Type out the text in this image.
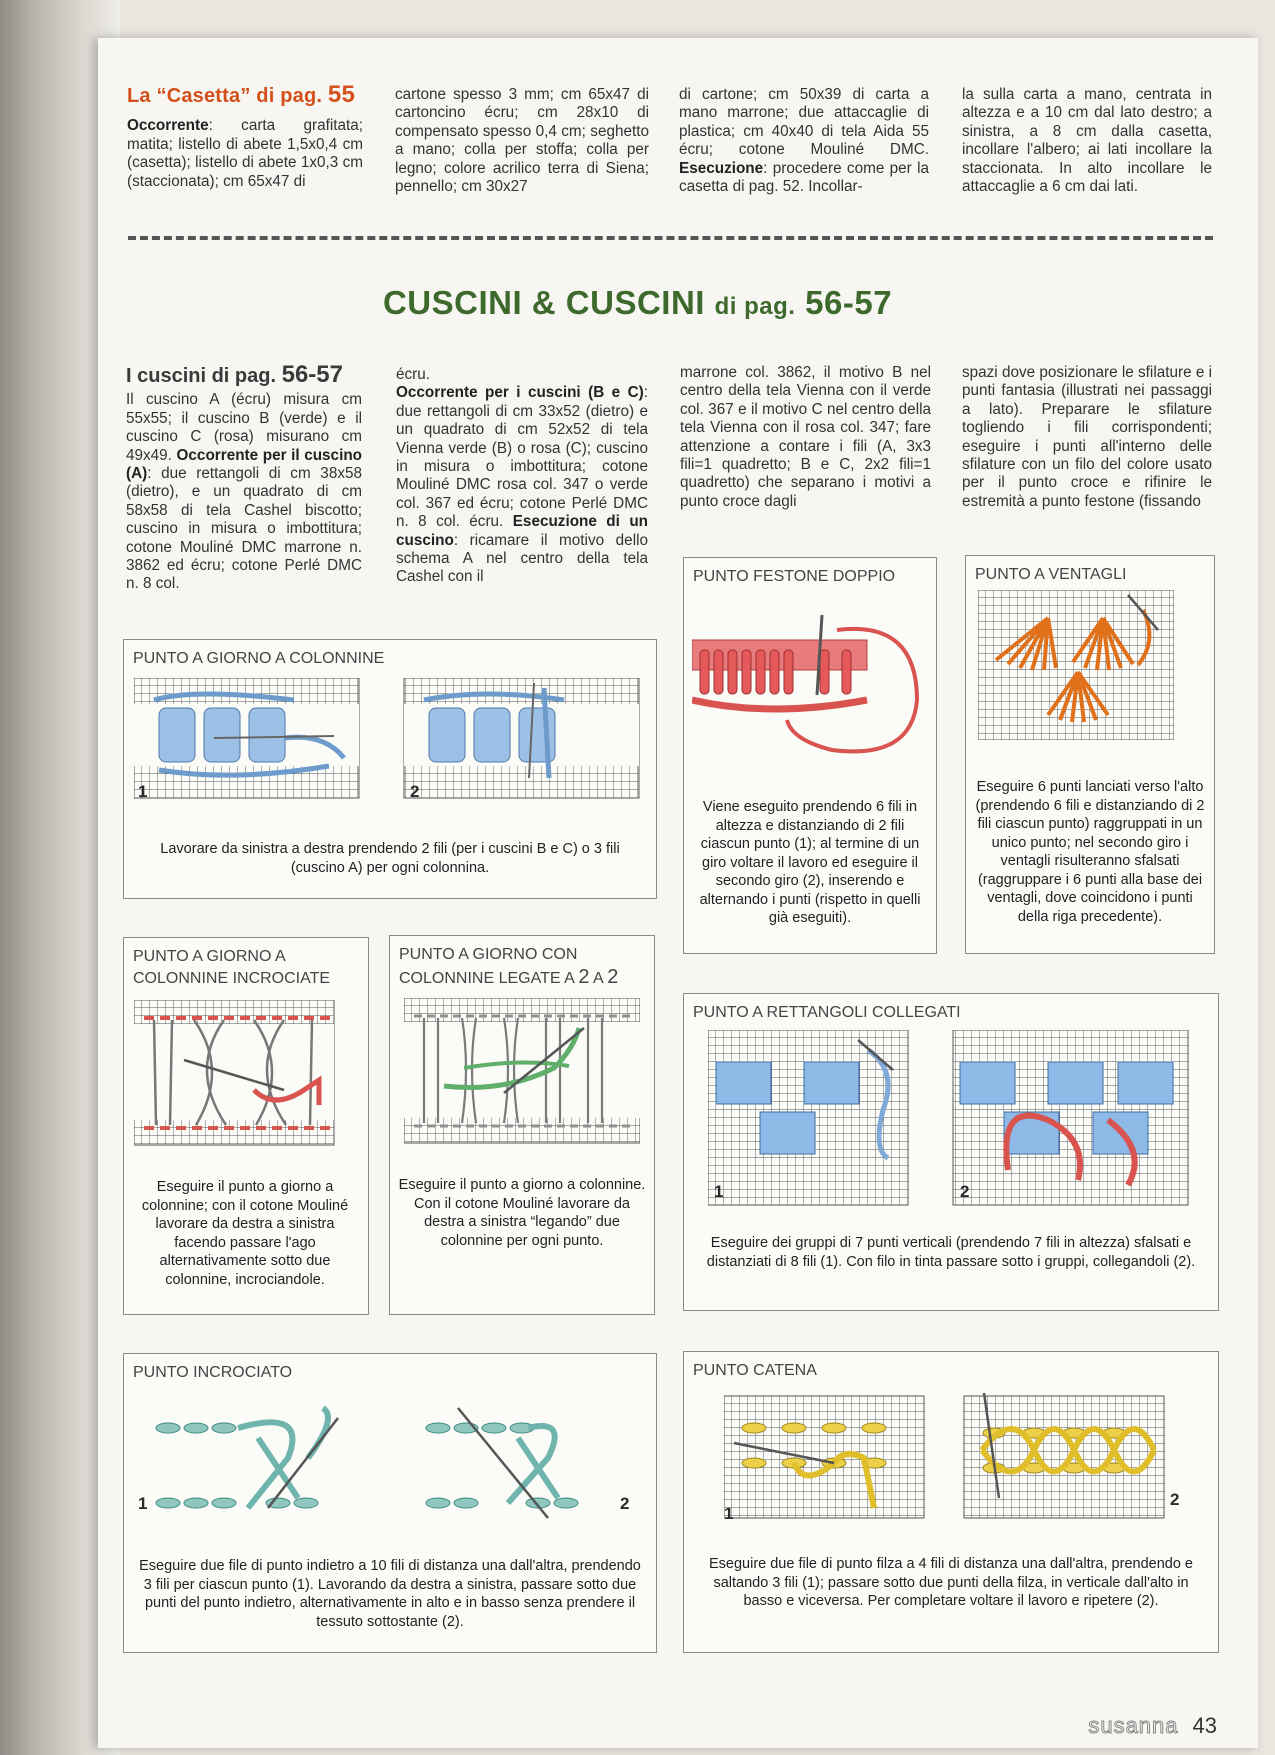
La “Casetta” di pag. 55
Occorrente: carta grafitata; matita; listello di abete 1,5x0,4 cm (casetta); listello di abete 1x0,3 cm (staccionata); cm 65x47 di
cartone spesso 3 mm; cm 65x47 di cartoncino écru; cm 28x10 di compensato spesso 0,4 cm; seghetto a mano; colla per stoffa; colla per legno; colore acrilico terra di Siena; pennello; cm 30x27
di cartone; cm 50x39 di carta a mano marrone; due attaccaglie di plastica; cm 40x40 di tela Aida 55 écru; cotone Mouliné DMC. Esecuzione: procedere come per la casetta di pag. 52. Incollar-
la sulla carta a mano, centrata in altezza e a 10 cm dal lato destro; a sinistra, a 8 cm dalla casetta, incollare l'albero; ai lati incollare la staccionata. In alto incollare le attaccaglie a 6 cm dai lati.
CUSCINI & CUSCINI di pag. 56-57
I cuscini di pag. 56-57
Il cuscino A (écru) misura cm 55x55; il cuscino B (verde) e il cuscino C (rosa) misurano cm 49x49. Occorrente per il cuscino (A): due rettangoli di cm 38x58 (dietro), e un quadrato di cm 58x58 di tela Cashel biscotto; cuscino in misura o imbottitura; cotone Mouliné DMC marrone n. 3862 ed écru; cotone Perlé DMC n. 8 col.
écru.
Occorrente per i cuscini (B e C): due rettangoli di cm 33x52 (dietro) e un quadrato di cm 52x52 di tela Vienna verde (B) o rosa (C); cuscino in misura o imbottitura; cotone Mouliné DMC rosa col. 347 o verde col. 367 ed écru; cotone Perlé DMC n. 8 col. écru. Esecuzione di un cuscino: ricamare il motivo dello schema A nel centro della tela Cashel con il
marrone col. 3862, il motivo B nel centro della tela Vienna con il verde col. 367 e il motivo C nel centro della tela Vienna con il rosa col. 347; fare attenzione a contare i fili (A, 3x3 fili=1 quadretto; B e C, 2x2 fili=1 quadretto) che separano i motivi a punto croce dagli
spazi dove posizionare le sfilature e i punti fantasia (illustrati nei passaggi a lato). Preparare le sfilature togliendo i fili corrispondenti; eseguire i punti all'interno delle sfilature con un filo del colore usato per il punto croce e rifinire le estremità a punto festone (fissando
PUNTO A GIORNO A COLONNINE
1	2
Lavorare da sinistra a destra prendendo 2 fili (per i cuscini B e C) o 3 fili (cuscino A) per ogni colonnina.
PUNTO FESTONE DOPPIO
Viene eseguito prendendo 6 fili in altezza e distanziando di 2 fili ciascun punto (1); al termine di un giro voltare il lavoro ed eseguire il secondo giro (2), inserendo e alternando i punti (rispetto in quelli già eseguiti).
PUNTO A VENTAGLI
Eseguire 6 punti lanciati verso l'alto (prendendo 6 fili e distanziando di 2 fili ciascun punto) raggruppati in un unico punto; nel secondo giro i ventagli risulteranno sfalsati (raggruppare i 6 punti alla base dei ventagli, dove coincidono i punti della riga precedente).
PUNTO A GIORNO A COLONNINE INCROCIATE
Eseguire il punto a giorno a colonnine; con il cotone Mouliné lavorare da destra a sinistra facendo passare l'ago alternativamente sotto due colonnine, incrociandole.
PUNTO A GIORNO CON COLONNINE LEGATE A 2 A 2
Eseguire il punto a giorno a colonnine. Con il cotone Mouliné lavorare da destra a sinistra “legando” due colonnine per ogni punto.
PUNTO A RETTANGOLI COLLEGATI
1	2
Eseguire dei gruppi di 7 punti verticali (prendendo 7 fili in altezza) sfalsati e distanziati di 8 fili (1). Con filo in tinta passare sotto i gruppi, collegandoli (2).
PUNTO INCROCIATO
1	2
Eseguire due file di punto indietro a 10 fili di distanza una dall'altra, prendendo 3 fili per ciascun punto (1). Lavorando da destra a sinistra, passare sotto due punti del punto indietro, alternativamente in alto e in basso senza prendere il tessuto sottostante (2).
PUNTO CATENA
1
2
Eseguire due file di punto filza a 4 fili di distanza una dall'altra, prendendo e saltando 3 fili (1); passare sotto due punti della filza, in verticale dall'alto in basso e viceversa. Per completare voltare il lavoro e ripetere (2).
susanna 43
